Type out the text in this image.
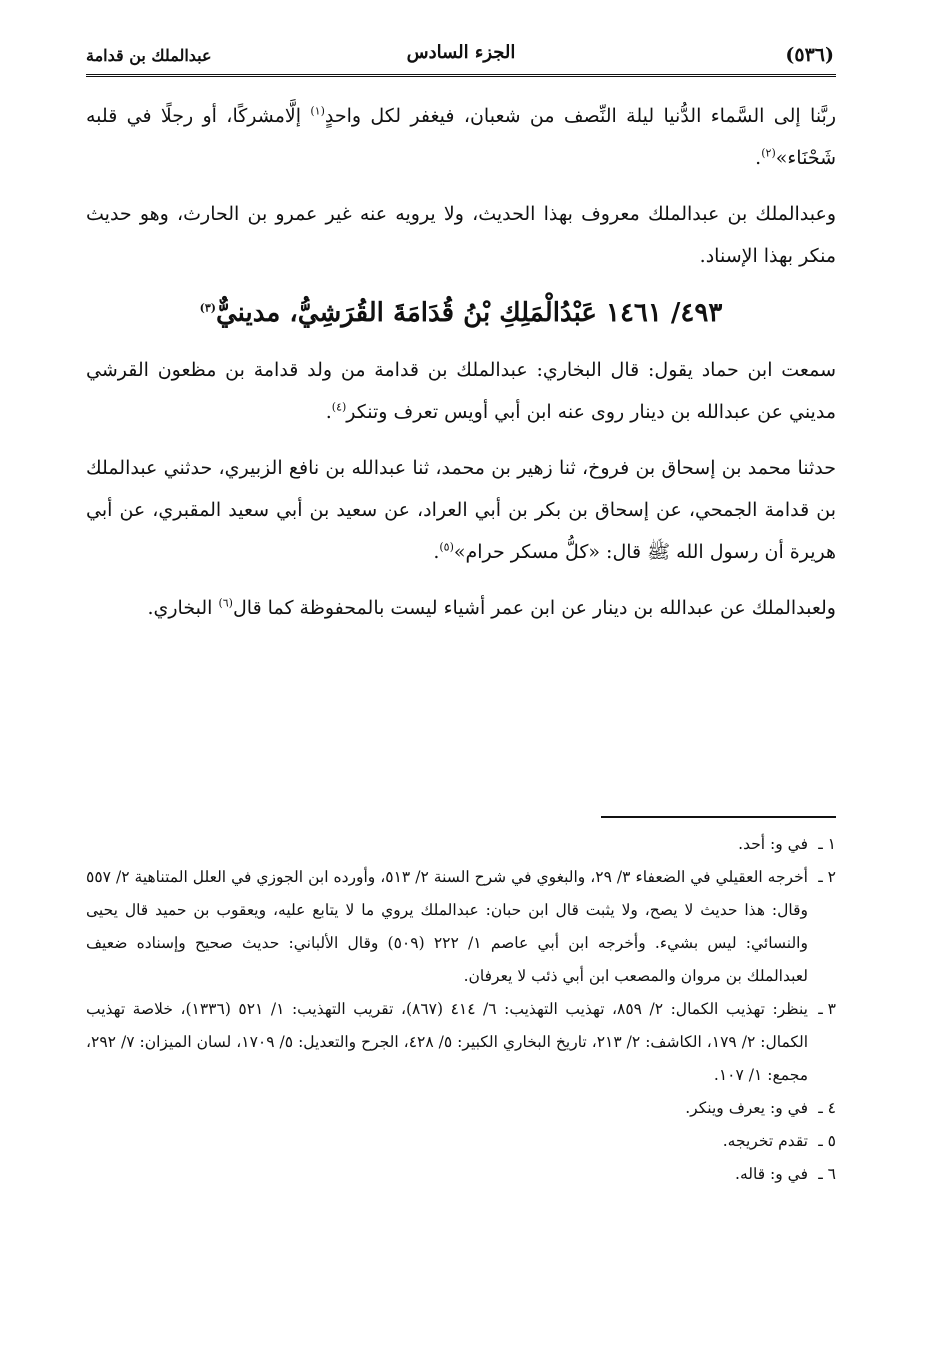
(٥٣٦)
الجزء السادس
عبدالملك بن قدامة

ربَّنا إلى السَّماء الدُّنيا ليلة النِّصف من شعبان، فيغفر لكل واحدٍ$^{(١)}$ إلَّامشركًا، أو رجلًا في قلبه شَحْنَاء»$^{(٢)}$.

وعبدالملك بن عبدالملك معروف بهذا الحديث، ولا يرويه عنه غير عمرو بن الحارث، وهو حديث منكر بهذا الإسناد.

٤٩٣/ ١٤٦١ عَبْدُالْمَلِكِ بْنُ قُدَامَةَ القُرَشِيُّ، مدينيٌّ$^{(٣)}$

سمعت ابن حماد يقول: قال البخاري: عبدالملك بن قدامة من ولد قدامة بن مظعون القرشي مديني عن عبدالله بن دينار روى عنه ابن أبي أويس تعرف وتنكر$^{(٤)}$.

حدثنا محمد بن إسحاق بن فروخ، ثنا زهير بن محمد، ثنا عبدالله بن نافع الزبيري، حدثني عبدالملك بن قدامة الجمحي، عن إسحاق بن بكر بن أبي العراد، عن سعيد بن أبي سعيد المقبري، عن أبي هريرة أن رسول الله ﷺ قال: «كلُّ مسكر حرام»$^{(٥)}$.

ولعبدالملك عن عبدالله بن دينار عن ابن عمر أشياء ليست بالمحفوظة كما قال$^{(٦)}$ البخاري.

١ ـ
في و: أحد.
٢ ـ
أخرجه العقيلي في الضعفاء ٣/ ٢٩، والبغوي في شرح السنة ٢/ ٥١٣، وأورده ابن الجوزي في العلل المتناهية ٢/ ٥٥٧ وقال: هذا حديث لا يصح، ولا يثبت قال ابن حبان: عبدالملك يروي ما لا يتابع عليه، ويعقوب بن حميد قال يحيى والنسائي: ليس بشيء. وأخرجه ابن أبي عاصم ١/ ٢٢٢ (٥٠٩) وقال الألباني: حديث صحيح وإسناده ضعيف لعبدالملك بن مروان والمصعب ابن أبي ذئب لا يعرفان.
٣ ـ
ينظر: تهذيب الكمال: ٢/ ٨٥٩، تهذيب التهذيب: ٦/ ٤١٤ (٨٦٧)، تقريب التهذيب: ١/ ٥٢١ (١٣٣٦)، خلاصة تهذيب الكمال: ٢/ ١٧٩، الكاشف: ٢/ ٢١٣، تاريخ البخاري الكبير: ٥/ ٤٢٨، الجرح والتعديل: ٥/ ١٧٠٩، لسان الميزان: ٧/ ٢٩٢، مجمع: ١/ ١٠٧.
٤ ـ
في و: يعرف وينكر.
٥ ـ
تقدم تخريجه.
٦ ـ
في و: قاله.
